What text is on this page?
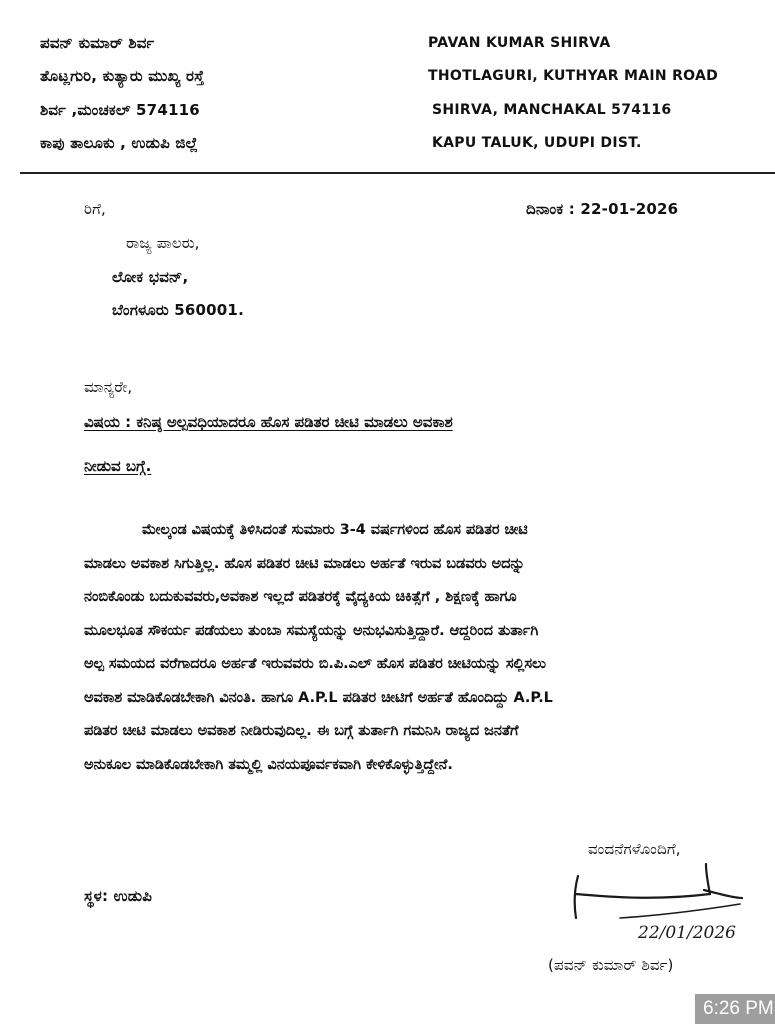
ಪವನ್ ಕುಮಾರ್ ಶಿರ್ವ
ತೊಟ್ಲಗುರಿ, ಕುತ್ಯಾರು ಮುಖ್ಯ ರಸ್ತೆ
ಶಿರ್ವ ,ಮಂಚಕಲ್ 574116
ಕಾಪು ತಾಲೂಕು , ಉಡುಪಿ ಜಿಲ್ಲೆ
PAVAN KUMAR SHIRVA
THOTLAGURI, KUTHYAR MAIN ROAD
SHIRVA, MANCHAKAL 574116
KAPU TALUK, UDUPI DIST.
ರಿಗೆ,	ದಿನಾಂಕ : 22-01-2026
ರಾಜ್ಯ ಪಾಲರು,
ಲೋಕ ಭವನ್,
ಬೆಂಗಳೂರು 560001.
ಮಾನ್ಯರೇ,
ವಿಷಯ : ಕನಿಷ್ಠ ಅಲ್ಪವಧಿಯಾದರೂ ಹೊಸ ಪಡಿತರ ಚೀಟಿ ಮಾಡಲು ಅವಕಾಶ
ನೀಡುವ ಬಗ್ಗೆ.
ಮೇಲ್ಕಂಡ ವಿಷಯಕ್ಕೆ ತಿಳಿಸಿದಂತೆ ಸುಮಾರು 3-4 ವರ್ಷಗಳಿಂದ ಹೊಸ ಪಡಿತರ ಚೀಟಿ
ಮಾಡಲು ಅವಕಾಶ ಸಿಗುತ್ತಿಲ್ಲ. ಹೊಸ ಪಡಿತರ ಚೀಟಿ ಮಾಡಲು ಅರ್ಹತೆ ಇರುವ ಬಡವರು ಅದನ್ನು
ನಂಬಿಕೊಂಡು ಬದುಕುವವರು,ಅವಕಾಶ ಇಲ್ಲದೆ ಪಡಿತರಕ್ಕೆ ವೈದ್ಯಕಿಯ ಚಿಕಿತ್ಸೆಗೆ , ಶಿಕ್ಷಣಕ್ಕೆ ಹಾಗೂ
ಮೂಲಭೂತ ಸೌಕರ್ಯ ಪಡೆಯಲು ತುಂಬಾ ಸಮಸ್ಯೆಯನ್ನು ಅನುಭವಿಸುತ್ತಿದ್ದಾರೆ. ಆದ್ದರಿಂದ ತುರ್ತಾಗಿ
ಅಲ್ಪ ಸಮಯದ ವರೆಗಾದರೂ ಅರ್ಹತೆ ಇರುವವರು ಬಿ.ಪಿ.ಎಲ್ ಹೊಸ ಪಡಿತರ ಚೀಟಿಯನ್ನು ಸಲ್ಲಿಸಲು
ಅವಕಾಶ ಮಾಡಿಕೊಡಬೇಕಾಗಿ ವಿನಂತಿ. ಹಾಗೂ A.P.L ಪಡಿತರ ಚೀಟಿಗೆ ಅರ್ಹತೆ ಹೊಂದಿದ್ದು A.P.L
ಪಡಿತರ ಚೀಟಿ ಮಾಡಲು ಅವಕಾಶ ನೀಡಿರುವುದಿಲ್ಲ. ಈ ಬಗ್ಗೆ ತುರ್ತಾಗಿ ಗಮನಿಸಿ ರಾಜ್ಯದ ಜನತೆಗೆ
ಅನುಕೂಲ ಮಾಡಿಕೊಡಬೇಕಾಗಿ ತಮ್ಮಲ್ಲಿ ವಿನಯಪೂರ್ವಕವಾಗಿ ಕೇಳಿಕೊಳ್ಳುತ್ತಿದ್ದೇನೆ.
ವಂದನೆಗಳೊಂದಿಗೆ,
ಸ್ಥಳ: ಉಡುಪಿ
22/01/2026
(ಪವನ್ ಕುಮಾರ್ ಶಿರ್ವ)
6:26 PM
